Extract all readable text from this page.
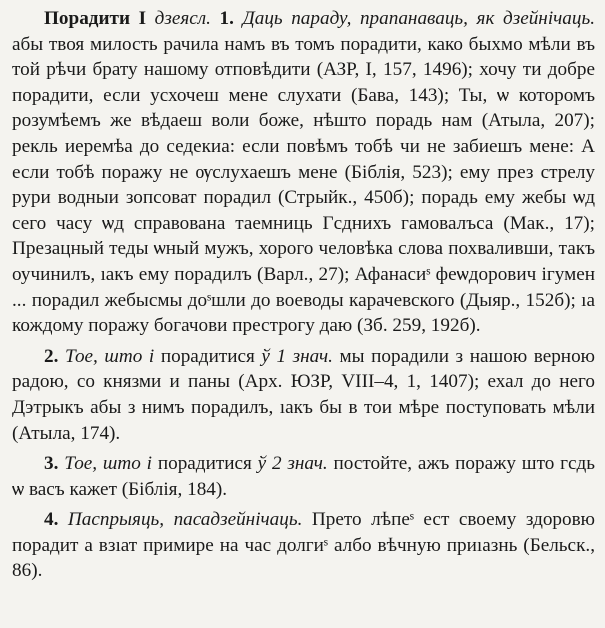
Порадити I дзеясл. 1. Даць параду, прапанаваць, як дзейнічаць. абы твоя милость рачила намъ въ томъ порадити, како быхмо мѣли въ той рѣчи брату нашому отповѣдити (АЗР, I, 157, 1496); хочу ти добре порадити, если усхочеш мене слухати (Бава, 143); Ты, ѡ которомъ розумѣемъ же вѣдаеш воли боже, нѣшто порадь нам (Атыла, 207); рекль иеремѣа до седекиа: если повѣмъ тобѣ чи не забиешъ мене: А если тобѣ поражу не ѹслухаешъ мене (Біблія, 523); ему през стрелу рури водныи зопсоват порадил (Стрыйк., 450б); порадь ему жебы ѡд сего часу ѡд справована таемниць Гсднихъ гамовалъса (Мак., 17); Презацный теды ѡный мужъ, хорого человѣка слова похваливши, такъ оучинилъ, ıакъ ему порадилъ (Варл., 27); Афанасиˢ феѡдорович ігумен ... порадил жебысмы доˢшли до воеводы карачевского (Дыяр., 152б); ıа кождому поражу богачови престрогу даю (Зб. 259, 192б).

2. Тое, што і порадитися ў 1 знач. мы порадили з нашою верною радою, со князми и паны (Арх. ЮЗР, VIII–4, 1, 1407); ехал до него Дэтрыкъ абы з нимъ порадилъ, ıакъ бы в тои мѣре поступовать мѣли (Атыла, 174).

3. Тое, што і порадитися ў 2 знач. постойте, ажъ поражу што гсдь ѡ васъ кажет (Біблія, 184).

4. Паспрыяць, пасадзейнічаць. Прето лѣпеˢ ест своему здоровю порадит а взıат примире на час долгиˢ албо вѣчную приıазнь (Бельск., 86).
